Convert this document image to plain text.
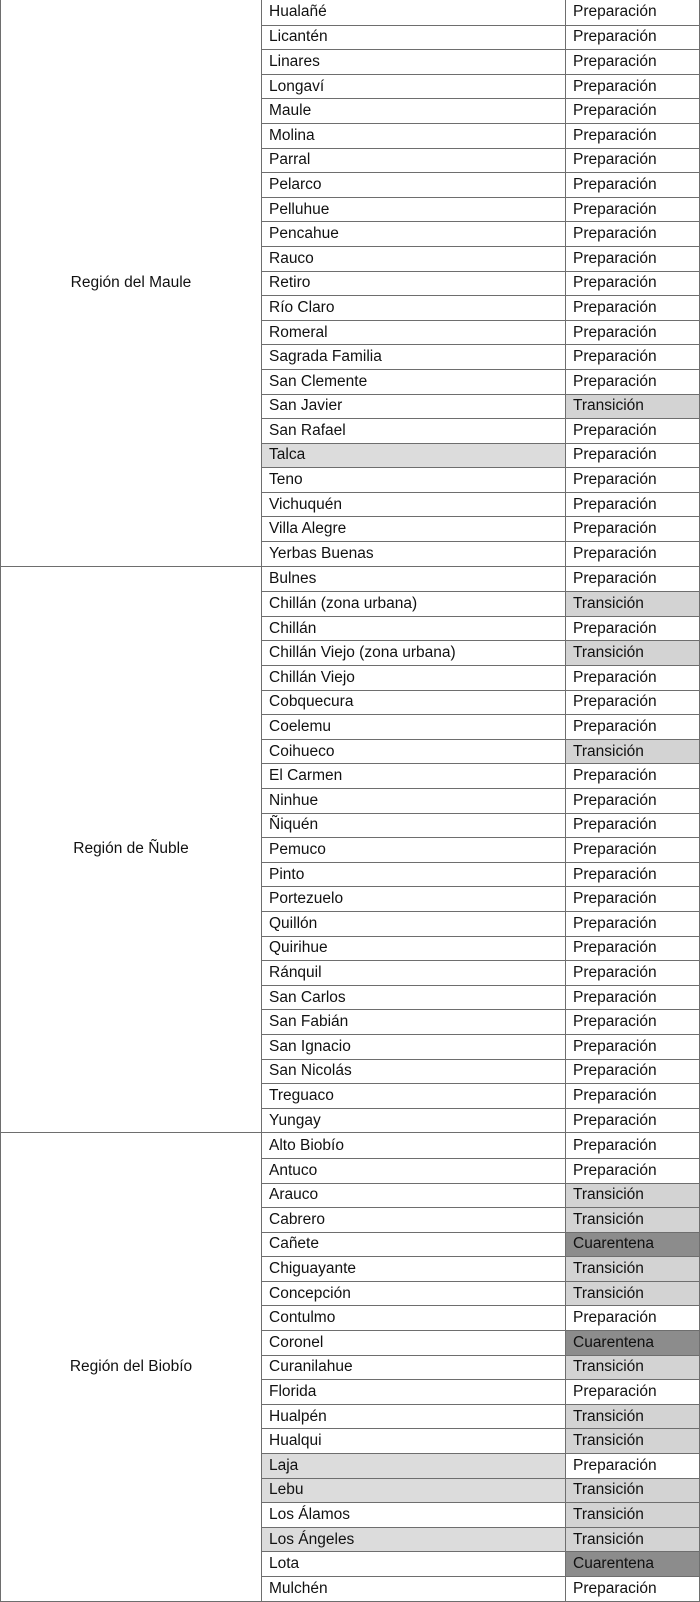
Región del Maule
Hualañé	Preparación
Licantén	Preparación
Linares	Preparación
Longaví	Preparación
Maule	Preparación
Molina	Preparación
Parral	Preparación
Pelarco	Preparación
Pelluhue	Preparación
Pencahue	Preparación
Rauco	Preparación
Retiro	Preparación
Río Claro	Preparación
Romeral	Preparación
Sagrada Familia	Preparación
San Clemente	Preparación
San Javier	Transición
San Rafael	Preparación
Talca	Preparación
Teno	Preparación
Vichuquén	Preparación
Villa Alegre	Preparación
Yerbas Buenas	Preparación
Región de Ñuble
Bulnes	Preparación
Chillán (zona urbana)	Transición
Chillán	Preparación
Chillán Viejo (zona urbana)	Transición
Chillán Viejo	Preparación
Cobquecura	Preparación
Coelemu	Preparación
Coihueco	Transición
El Carmen	Preparación
Ninhue	Preparación
Ñiquén	Preparación
Pemuco	Preparación
Pinto	Preparación
Portezuelo	Preparación
Quillón	Preparación
Quirihue	Preparación
Ránquil	Preparación
San Carlos	Preparación
San Fabián	Preparación
San Ignacio	Preparación
San Nicolás	Preparación
Treguaco	Preparación
Yungay	Preparación
Región del Biobío
Alto Biobío	Preparación
Antuco	Preparación
Arauco	Transición
Cabrero	Transición
Cañete	Cuarentena
Chiguayante	Transición
Concepción	Transición
Contulmo	Preparación
Coronel	Cuarentena
Curanilahue	Transición
Florida	Preparación
Hualpén	Transición
Hualqui	Transición
Laja	Preparación
Lebu	Transición
Los Álamos	Transición
Los Ángeles	Transición
Lota	Cuarentena
Mulchén	Preparación
